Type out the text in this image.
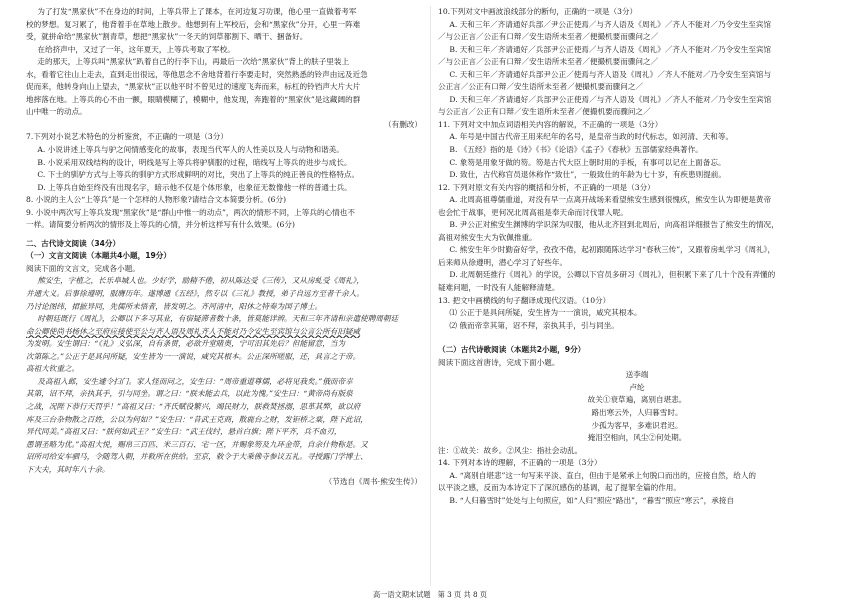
为了打发“黑家伙”不在身边的时间，上等兵带上了课本，在河边复习功课，他心里一直做着考军
校的梦想。复习累了，他背着手在草地上散步。他想到有上军校后，会和“黑家伙”分开，心里一阵难
受，就拼命给“黑家伙”割青草，想把“黑家伙”一冬天的饲草都割下、晒干、捆备好。
在给挤声中，又过了一年，这年夏天，上等兵考取了军校。
走的那天，上等兵叫“黑家伙”趴着自己的行李下山，再最后一次给“黑家伙”背上的肤子里装上
水，看着它往山上走去，直到走出很远，等他思念不舍地背着行李要走时，突然熟悉的铃声由远及近急
促而来，他转身向山上望去，“黑家伙”正以他平时不曾见过的速度飞奔而来，标杠的铃铛声大片大片
地摔落在地。上等兵的心不由一颤，眼睛模糊了，模糊中，他发现，奔跑着的“黑家伙”是这藏阔的群
山中唯一的动点。
（有删改）
7.下列对小说艺术特色的分析鉴赏，不正确的一项是（3分）
A. 小说讲述上等兵与驴之间情感变化的故事，表现当代军人的人性美以及人与动物和谐美。
B. 小说采用双线结构的设计，明线是写上等兵将驴驯服的过程，暗线写上等兵的进步与成长。
C. 下士的驯驴方式与上等兵的驯驴方式形成鲜明的对比，突出了上等兵的纯正善良的性格特点。
D. 上等兵自始至终没有出现名字，暗示他不仅是个体形象，也象征无数像他一样的普通士兵。
8. 小说的主人公“上等兵”是一个怎样的人物形象?请结合文本简要分析。(6分)
9. 小说中两次写上等兵发现“黑家伙”是“群山中惟一的动点”，两次的情形不同，上等兵的心情也不
一样。请简要分析两次的情形及上等兵的心情，并分析这样写有什么效果。(6分)
二、古代诗文阅读（34分）
（一）文言文阅读（本题共4小题，19分）
阅读下面的文言文，完成各小题。
熊安生，字植之，长乐阜城人也。少好学，励精不倦，初从陈达受《三传》，又从房虬受《周礼》，
并通大义。后事徐遵明，服膺历年。遂博通《五经》，然专以《三礼》教授，弟子自远方至者千余人。
乃讨论图纬，捃摭异同，先儒所未悟者，皆发明之。齐河清中，阳休之特奏为国子博士。
时朝廷既行《周礼》，公卿以下多习其业，有宿疑滞者数十条，皆莫能详辨。天和三年齐请和亲遣使聘周朝廷
命公卿使尚书杨休之至府应接使至公与齐人语及周礼齐人不能对乃令安生至宾馆与公言公所有旧疑咸
为发明。安生谓曰：“《礼》义弘深，自有条贯，必欲升堂睹奥，宁可汨其先后？但能留意，当为
次第陈之。”公正于是具问所疑，安生皆为一一演说，咸究其根本。公正深所嗟服，还，具言之于帝。
高祖大钦重之。
及高祖入邺，安生遽令扫门。家人怪而问之，安生曰：“周帝重道尊儒，必将见我矣。”俄而帝幸
其第，诏不拜，亲执其手，引与同坐。谓之曰：“朕未能去兵，以此为愧。”安生曰：“黄帝尚有版泉
之战，况陛下恭行天罚乎！”高祖又曰：“齐氏赋役繁兴，竭民财力，朕救焚拯溺，思革其弊，欲以府
库及三台杂物散之百姓，公以为何如？”安生曰：“昔武王克商，散鹿台之财，发钜桥之粟，陛下此诏，
异代同美。”高祖又曰：“朕何如武王？”安生曰：“武王伐纣，悬首白旗；陛下平齐，兵不血刃，
愚谓圣略为优。”高祖大悦，赐帛三百匹、米三百石、宅一区，并赐象笏及九环金带，自余什物称是。又
诏所司给安车驷马，令随驾入朝，并敕所在供给。至京，敕令于大乘佛寺参议五礼。寻授露门学博士、
下大夫，其时年八十余。
（节选自《周书·熊安生传》）
10.下列对文中画波浪线部分的断句，正确的一项是（3分）
A. 天和三年／齐请通好兵部／尹公正使焉／与齐人语及《周礼》／齐人不能对／乃令安生至宾馆
／与公正言／公正有口辩／安生语所未至者／便撮机要而骤问之／
B. 天和三年／齐请通好／兵部尹公正使焉／与齐人语及《周礼》／齐人不能对／乃令安生至宾馆
／与公正言／公正有口辩／安生语所未至者／便撮机要而骤问之／
C. 天和三年／齐请通好兵部尹公正／使焉与齐人语及《周礼》／齐人不能对／乃令安生至宾馆与
公正言／公正有口辩／安生语所未至者／便撮机要而骤问之／
D. 天和三年／齐请通好／兵部尹公正使焉／与齐人语及《周礼》／齐人不能对／乃令安生至宾馆
与公正言／公正有口辩／安生语所未至者／便撮机要而骤问之／
11. 下列对文中加点词语相关内容的解说，不正确的一项是（3分）
A. 年号是中国古代帝王用来纪年的名号，是皇帝当政的时代标志，如河清、天和等。
B. 《五经》指的是《诗》《书》《论语》《孟子》《春秋》五部儒家经典著作。
C. 象笏是用象牙做的笏。笏是古代大臣上朝时用的手板，有事可以记在上面备忘。
D. 致仕，古代称官员退休称作“致仕”，一般致仕的年龄为七十岁，有疾患则提前。
12. 下列对原文有关内容的概括和分析，不正确的一项是（3分）
A. 北周高祖尊儒重道，对没有早一点离开战场来看望熊安生感到很愧疚，熊安生认为即便是黄帝
也会忙于战事，更何况北周高祖是奉天命而讨伐罪人呢。
B. 尹公正对熊安生渊博的学识深为叹服，他从北齐回到北周后，向高祖详细报告了熊安生的情况，
高祖对熊安生大为钦佩推重。
C. 熊安生年少时勤奋好学，孜孜不倦，起初跟随陈达学习“春秋三传”，又跟着房虬学习《周礼》，
后来师从徐遵明，潜心学习了好些年。
D. 北周朝廷推行《周礼》的学说，公卿以下官员多研习《周礼》，但积累下来了几十个没有弄懂的
疑难问题，一时没有人能解释清楚。
13. 把文中画横线的句子翻译成现代汉语。（10分）
⑴ 公正于是具问所疑，安生皆为一一演说，咸究其根本。
⑵ 俄而帝幸其第，诏不拜，亲执其手，引与同坐。
（二）古代诗歌阅读（本题共2小题，9分）
阅读下面这首唐诗，完成下面小题。
送李端
卢纶
故关①衰草遍，离别自堪悲。
路出寒云外，人归暮雪时。
少孤为客早，多难识君迟。
掩泪空相向，风尘②何处期。
注：①故关：故乡。②风尘：指社会动乱。
14. 下列对本诗的理解，不正确的一项是（3分）
A. “离别自堪悲”这一句写来平淡、直白，但由于是紧承上句脱口而出的，应接自然，给人的
以平淡之感，反而为本诗定下了深沉感伤的基调，起了提挈全篇的作用。
B. “人归暮雪时”处处与上句照应，如“人归”照应“路出”，“暮雪”照应“寒云”，承接自
高一语文期末试题　第 3 页 共 8 页
